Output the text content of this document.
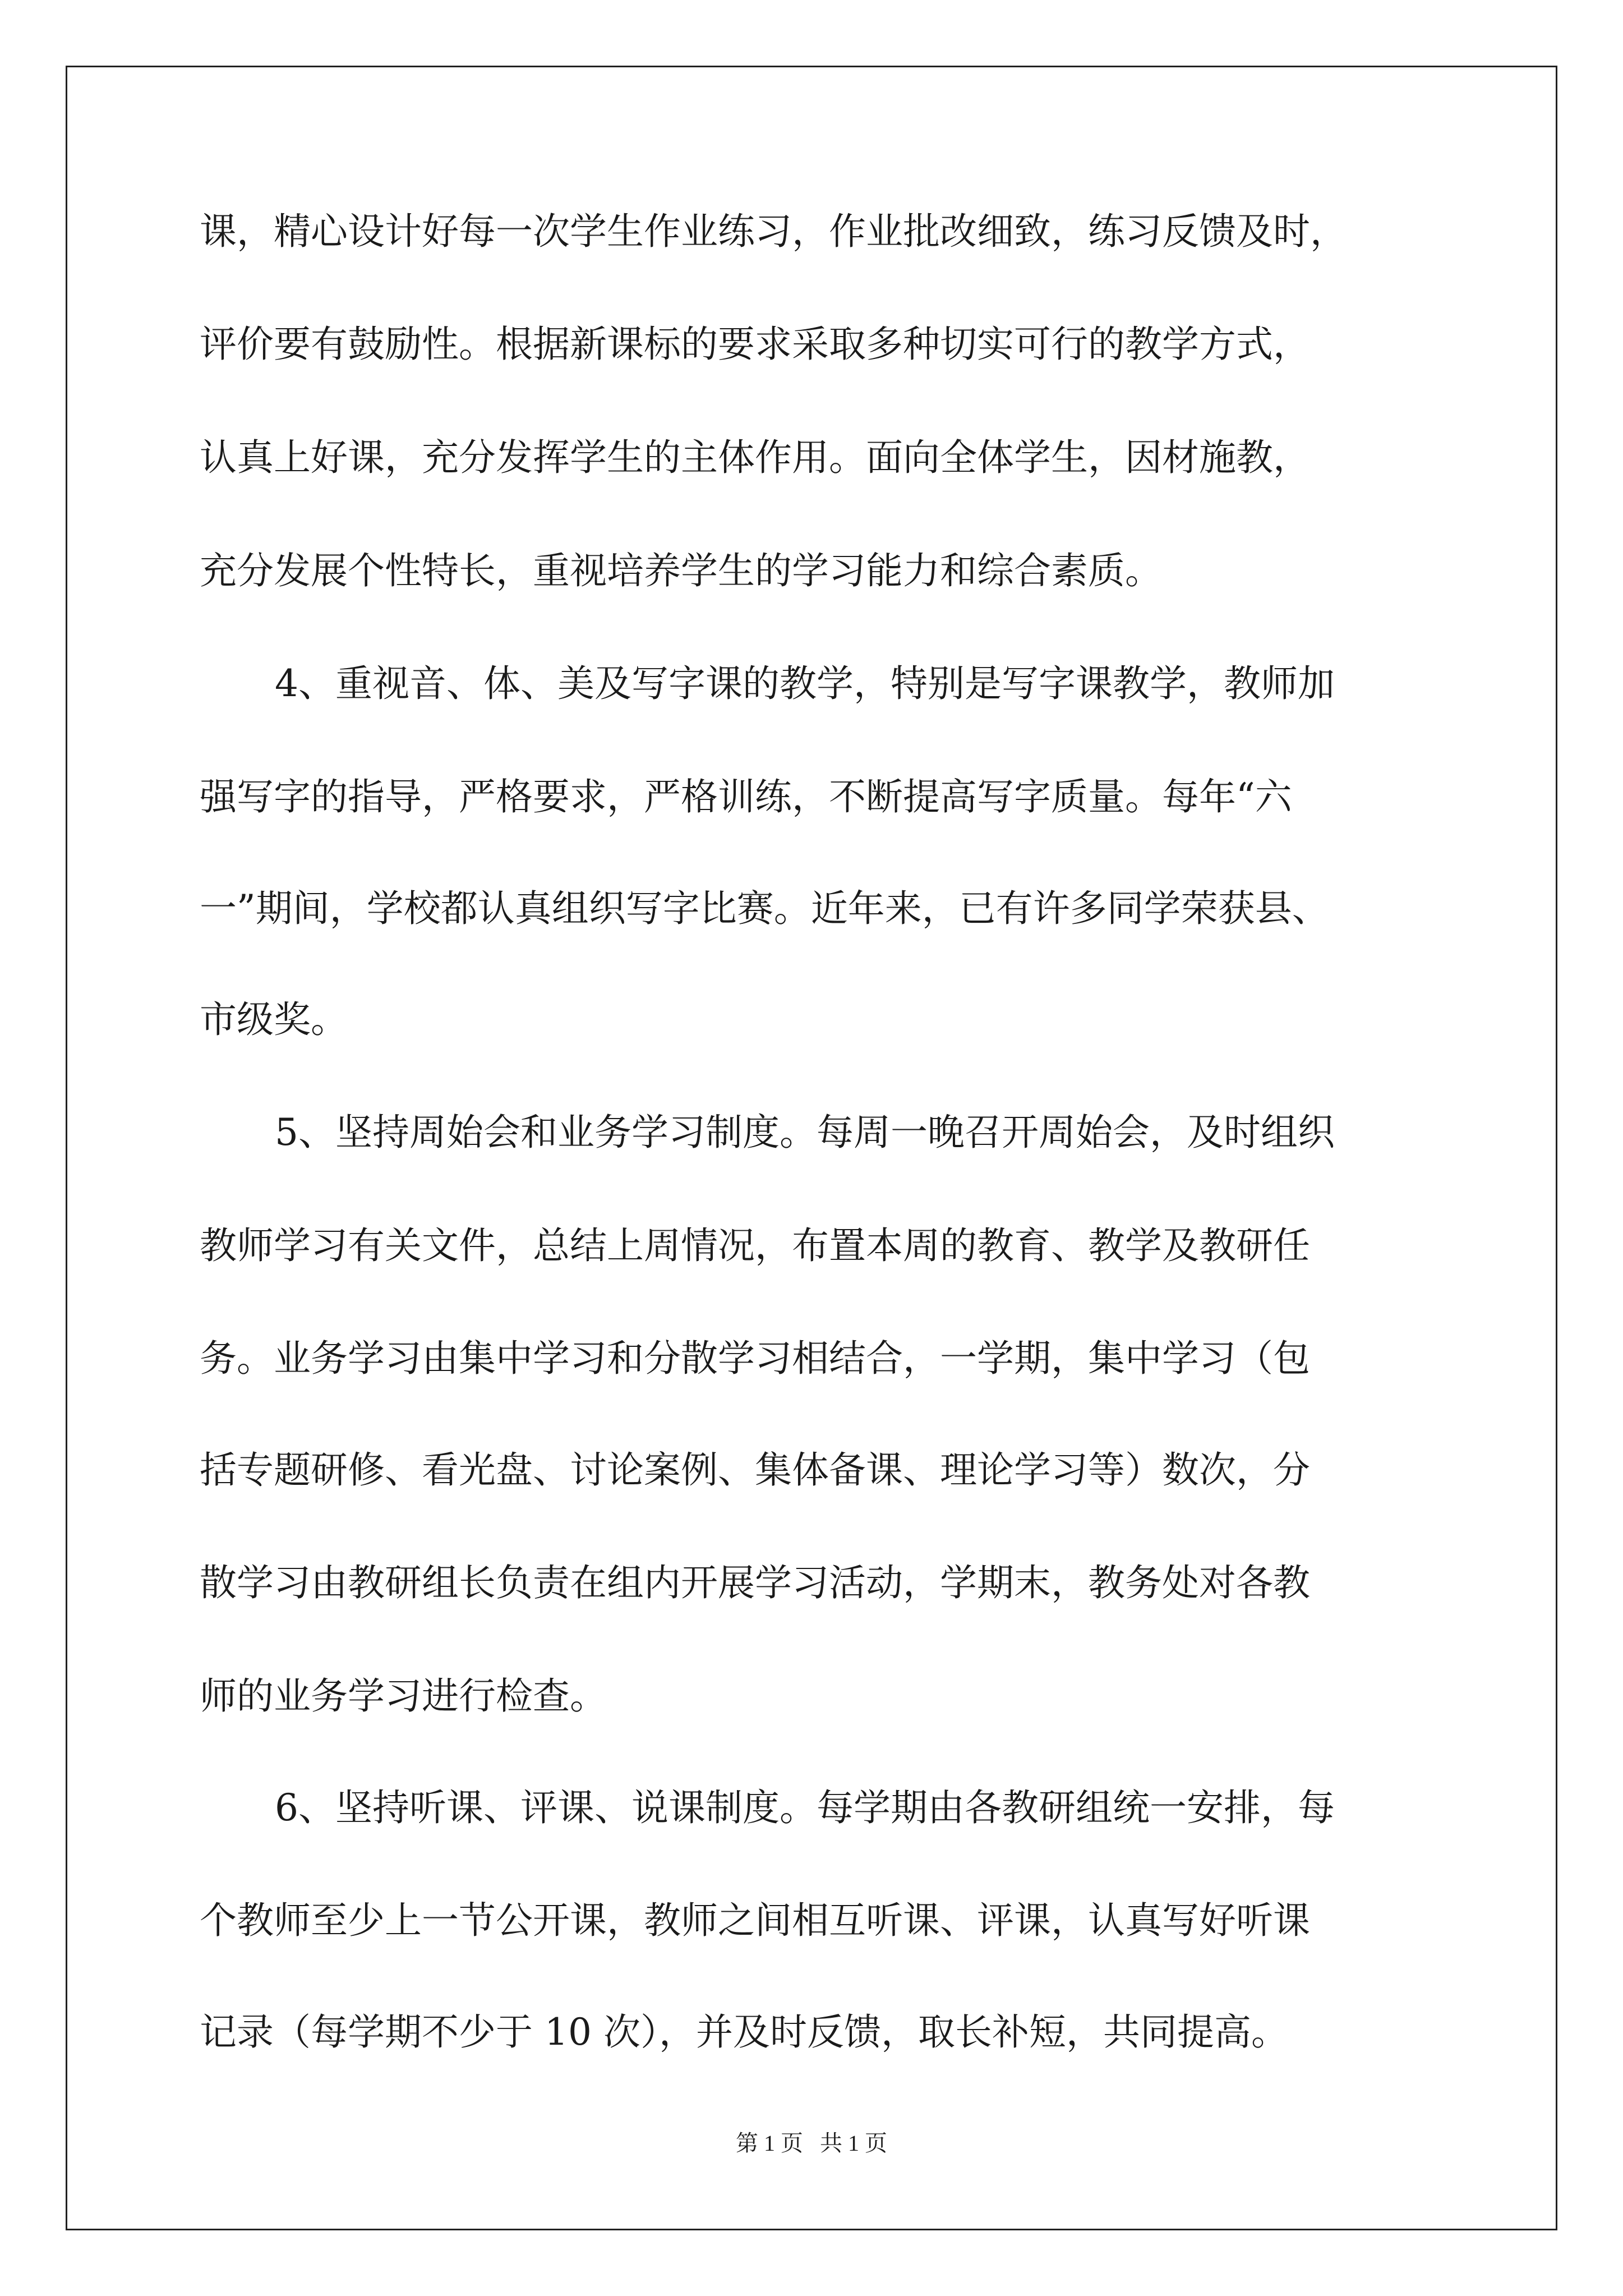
课，精心设计好每一次学生作业练习，作业批改细致，练习反馈及时，
评价要有鼓励性。根据新课标的要求采取多种切实可行的教学方式，
认真上好课，充分发挥学生的主体作用。面向全体学生，因材施教，
充分发展个性特长，重视培养学生的学习能力和综合素质。
4、重视音、体、美及写字课的教学，特别是写字课教学，教师加
强写字的指导，严格要求，严格训练，不断提高写字质量。每年“六
一”期间，学校都认真组织写字比赛。近年来，已有许多同学荣获县、
市级奖。
5、坚持周始会和业务学习制度。每周一晚召开周始会，及时组织
教师学习有关文件，总结上周情况，布置本周的教育、教学及教研任
务。业务学习由集中学习和分散学习相结合，一学期，集中学习（包
括专题研修、看光盘、讨论案例、集体备课、理论学习等）数次，分
散学习由教研组长负责在组内开展学习活动，学期末，教务处对各教
师的业务学习进行检查。
6、坚持听课、评课、说课制度。每学期由各教研组统一安排，每
个教师至少上一节公开课，教师之间相互听课、评课，认真写好听课
记录（每学期不少于 10 次），并及时反馈，取长补短，共同提高。
第 1 页   共 1 页
